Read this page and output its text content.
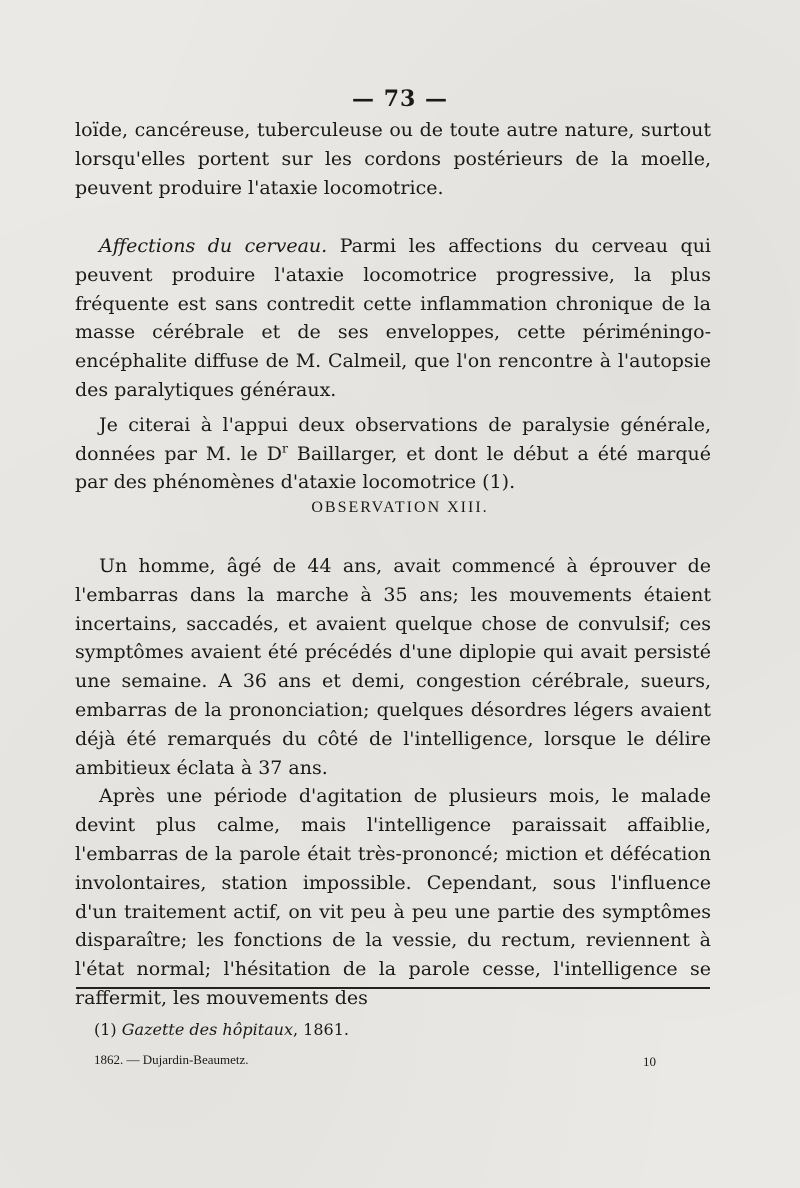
— 73 —

loïde, cancéreuse, tuberculeuse ou de toute autre nature, surtout lorsqu'elles portent sur les cordons postérieurs de la moelle, peuvent produire l'ataxie locomotrice.

Affections du cerveau. Parmi les affections du cerveau qui peuvent produire l'ataxie locomotrice progressive, la plus fréquente est sans contredit cette inflammation chronique de la masse cérébrale et de ses enveloppes, cette périméningo-encéphalite diffuse de M. Calmeil, que l'on rencontre à l'autopsie des paralytiques généraux.

Je citerai à l'appui deux observations de paralysie générale, données par M. le $D^r$ Baillarger, et dont le début a été marqué par des phénomènes d'ataxie locomotrice (1).

OBSERVATION XIII.

Un homme, âgé de 44 ans, avait commencé à éprouver de l'embarras dans la marche à 35 ans; les mouvements étaient incertains, saccadés, et avaient quelque chose de convulsif; ces symptômes avaient été précédés d'une diplopie qui avait persisté une semaine. A 36 ans et demi, congestion cérébrale, sueurs, embarras de la prononciation; quelques désordres légers avaient déjà été remarqués du côté de l'intelligence, lorsque le délire ambitieux éclata à 37 ans.

Après une période d'agitation de plusieurs mois, le malade devint plus calme, mais l'intelligence paraissait affaiblie, l'embarras de la parole était très-prononcé; miction et défécation involontaires, station impossible. Cependant, sous l'influence d'un traitement actif, on vit peu à peu une partie des symptômes disparaître; les fonctions de la vessie, du rectum, reviennent à l'état normal; l'hésitation de la parole cesse, l'intelligence se raffermit, les mouvements des

(1) Gazette des hôpitaux, 1861.
1862. — Dujardin-Beaumetz.	10
